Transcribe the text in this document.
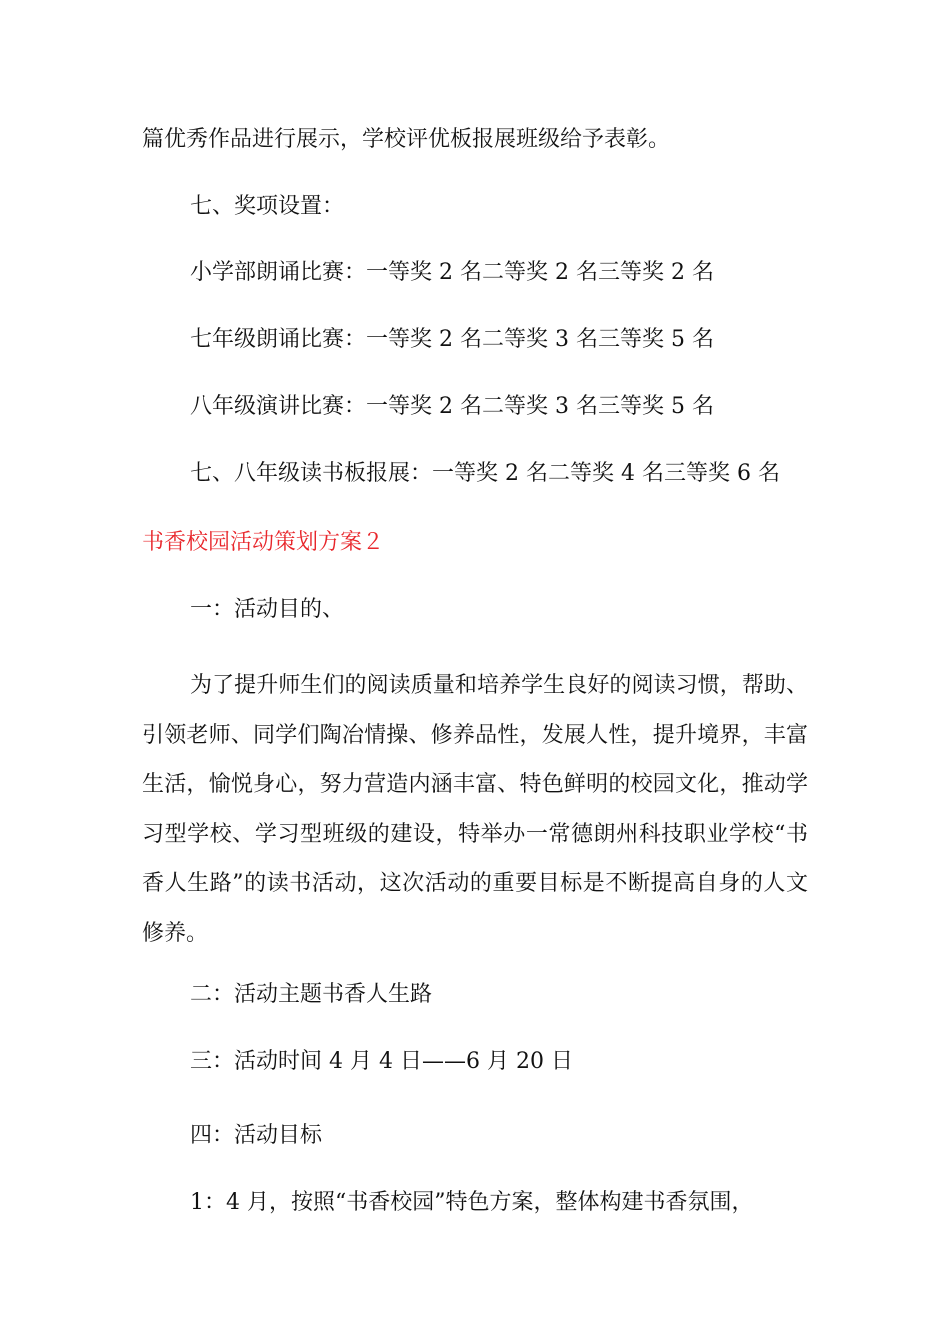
篇优秀作品进行展示，学校评优板报展班级给予表彰。

七、奖项设置：

小学部朗诵比赛：一等奖 2 名二等奖 2 名三等奖 2 名

七年级朗诵比赛：一等奖 2 名二等奖 3 名三等奖 5 名

八年级演讲比赛：一等奖 2 名二等奖 3 名三等奖 5 名

七、八年级读书板报展：一等奖 2 名二等奖 4 名三等奖 6 名

书香校园活动策划方案２

一：活动目的、

为了提升师生们的阅读质量和培养学生良好的阅读习惯，帮助、引领老师、同学们陶冶情操、修养品性，发展人性，提升境界，丰富生活，愉悦身心，努力营造内涵丰富、特色鲜明的校园文化，推动学习型学校、学习型班级的建设，特举办一常德朗州科技职业学校“书香人生路”的读书活动，这次活动的重要目标是不断提高自身的人文修养。

二：活动主题书香人生路

三：活动时间 4 月 4 日——6 月 20 日

四：活动目标

1：4 月，按照“书香校园”特色方案，整体构建书香氛围，
